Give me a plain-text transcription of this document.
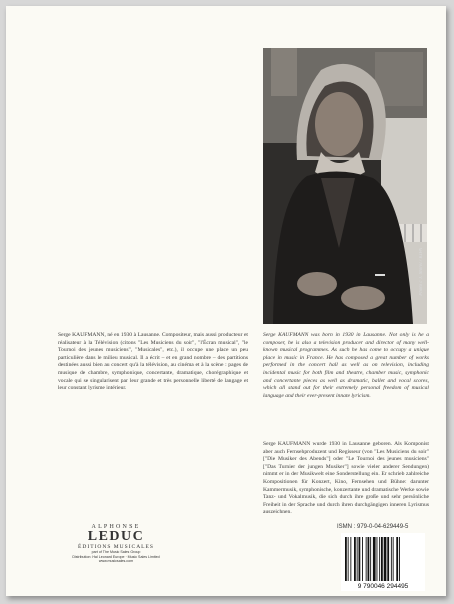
Photo c J. Morel / KIPA

Serge KAUFMANN, né en 1930 à Lausanne. Compositeur, mais aussi producteur et réalisateur à la Télévision (citons "Les Musiciens du soir", "l'Écran musical", "le Tournoi des jeunes musiciens", "Musicales", etc.), il occupe une place un peu particulière dans le milieu musical. Il a écrit – et en grand nombre – des partitions destinées aussi bien au concert qu'à la télévision, au cinéma et à la scène : pages de musique de chambre, symphonique, concertante, dramatique, chorégraphique et vocale qui se singularisent par leur grande et très personnelle liberté de langage et leur constant lyrisme intérieur.

Serge KAUFMANN was born in 1930 in Lausanne. Not only is he a composer, he is also a television producer and director of many well-known musical programmes. As such he has come to occupy a unique place in music in France. He has composed a great number of works performed in the concert hall as well as on television, including incidental music for both film and theatre, chamber music, symphonic and concertante pieces as well as dramatic, ballet and vocal scores, which all stand out for their extremely personal freedom of musical language and their ever-present innate lyricism.

Serge KAUFMANN wurde 1930 in Lausanne geboren. Als Komponist aber auch Fernsehproduzent und Regisseur (von "Les Musiciens du soir" ["Die Musiker des Abends"] oder "Le Tournoi des jeunes musiciens" ["Das Turnier der jungen Musiker"] sowie vieler anderer Sendungen) nimmt er in der Musikwelt eine Sonderstellung ein. Er schrieb zahlreiche Kompositionen für Konzert, Kino, Fernsehen und Bühne: darunter Kammermusik, symphonische, konzertante und dramatische Werke sowie Tanz- und Vokalmusik, die sich durch ihre große und sehr persönliche Freiheit in der Sprache und durch ihren durchgängigen inneren Lyrismus auszeichnen.

ALPHONSE
LEDUC
ÉDITIONS MUSICALES
part of The Music Sales Group
Distribution: Hal Leonard Europe · Music Sales Limited
www.musicsales.com
ISMN : 979-0-04-629449-5
9 790046 294495
